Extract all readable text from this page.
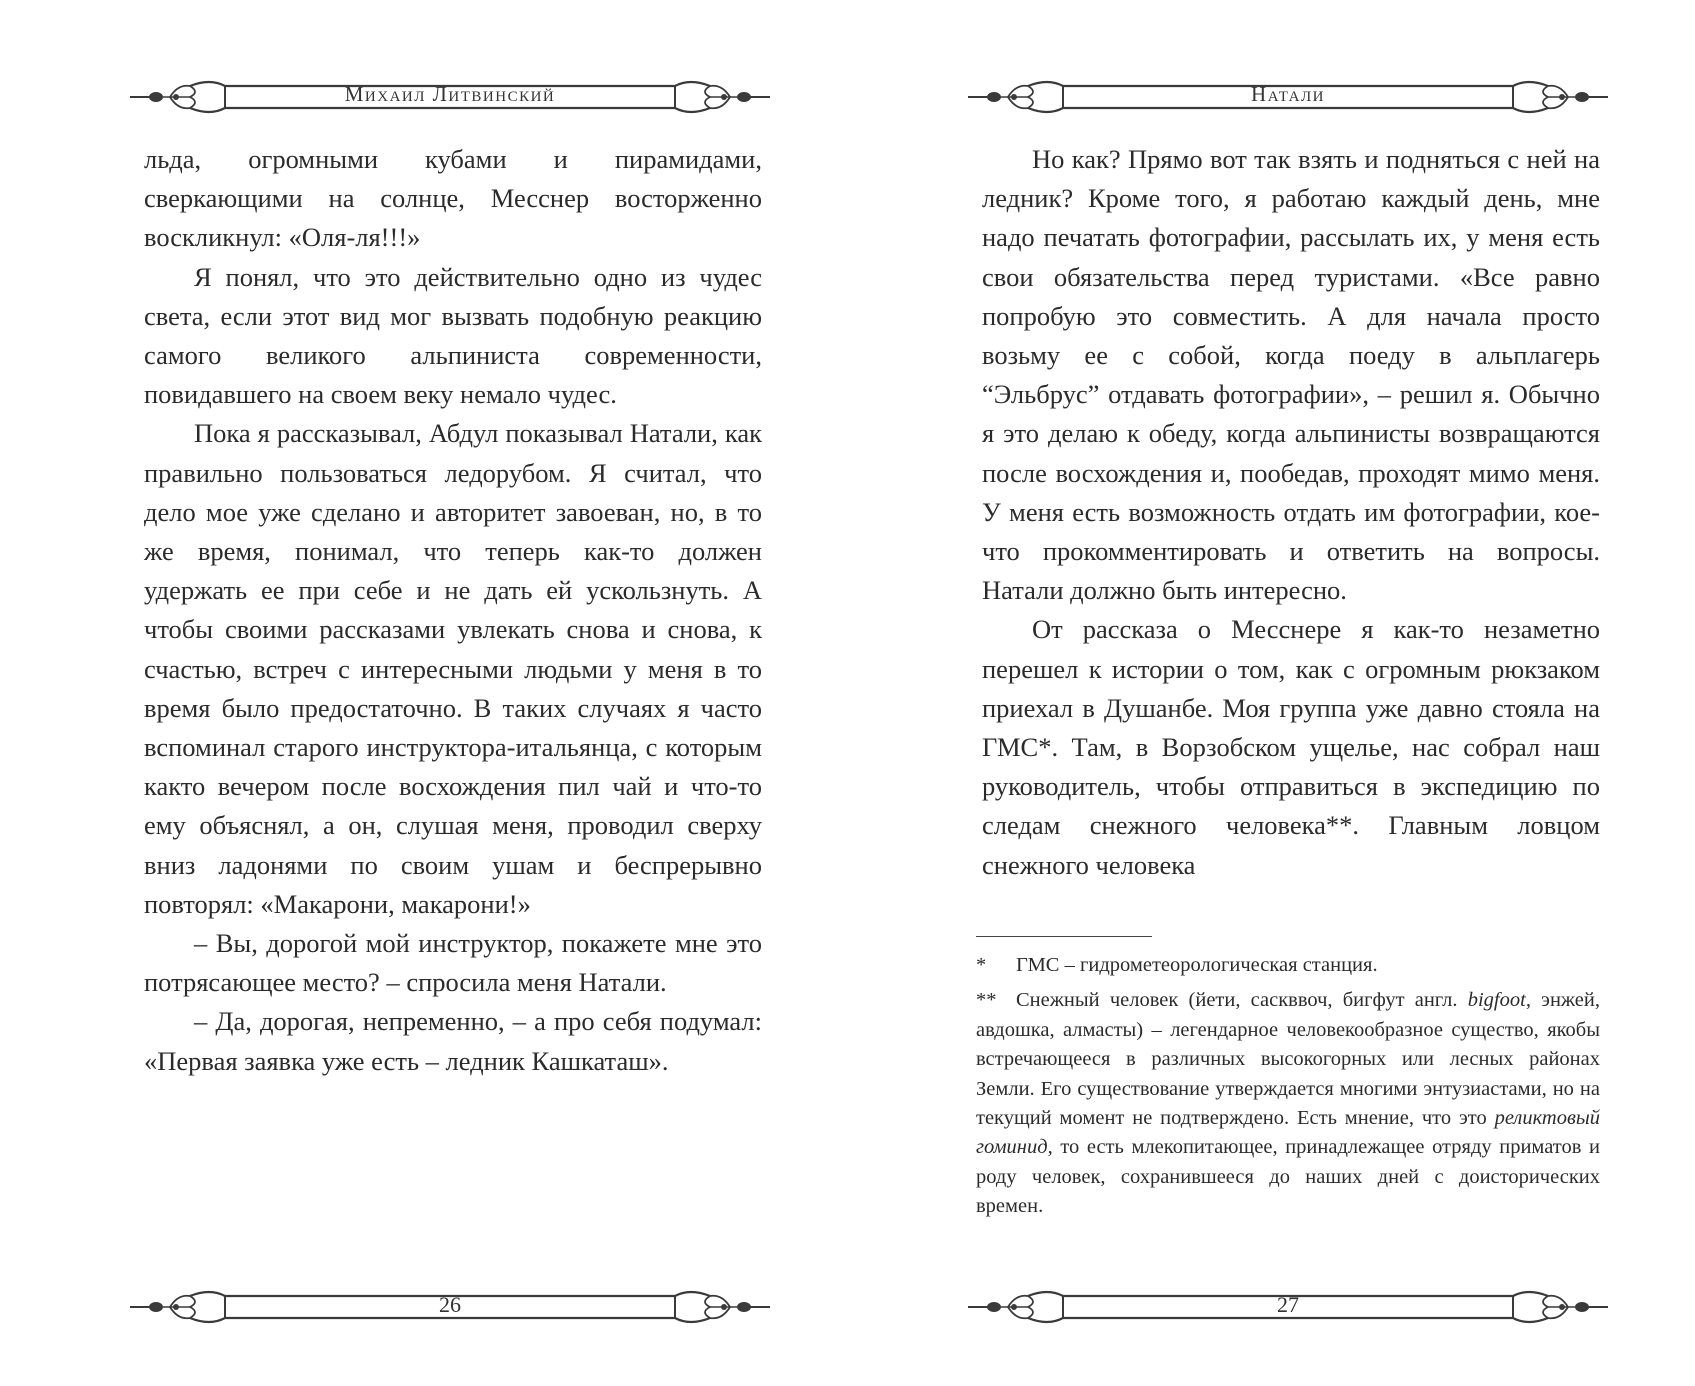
Михаил Литвинский

льда, огромными кубами и пирамидами, сверкающими на солнце, Месснер восторженно воскликнул: «Оля-ля!!!»

Я понял, что это действительно одно из чудес света, если этот вид мог вызвать подобную реакцию самого великого альпиниста современности, повидавшего на своем веку немало чудес.

Пока я рассказывал, Абдул показывал Натали, как правильно пользоваться ледорубом. Я считал, что дело мое уже сделано и авторитет завоеван, но, в то же время, понимал, что теперь как-то должен удержать ее при себе и не дать ей ускользнуть. А чтобы своими рассказами увлекать снова и снова, к счастью, встреч с интересными людьми у меня в то время было предостаточно. В таких случаях я часто вспоминал старого инструктора-итальянца, с которым както вечером после восхождения пил чай и что-то ему объяснял, а он, слушая меня, проводил сверху вниз ладонями по своим ушам и беспрерывно повторял: «Макарони, макарони!»

– Вы, дорогой мой инструктор, покажете мне это потрясающее место? – спросила меня Натали.

– Да, дорогая, непременно, – а про себя подумал: «Первая заявка уже есть – ледник Кашкаташ».

26
Натали

Но как? Прямо вот так взять и подняться с ней на ледник? Кроме того, я работаю каждый день, мне надо печатать фотографии, рассылать их, у меня есть свои обязательства перед туристами. «Все равно попробую это совместить. А для начала просто возьму ее с собой, когда поеду в альплагерь “Эльбрус” отдавать фотографии», – решил я. Обычно я это делаю к обеду, когда альпинисты возвращаются после восхождения и, пообедав, проходят мимо меня. У меня есть возможность отдать им фотографии, кое-что прокомментировать и ответить на вопросы. Натали должно быть интересно.

От рассказа о Месснере я как-то незаметно перешел к истории о том, как с огромным рюкзаком приехал в Душанбе. Моя группа уже давно стояла на ГМС*. Там, в Ворзобском ущелье, нас собрал наш руководитель, чтобы отправиться в экспедицию по следам снежного человека**. Главным ловцом снежного человека

* ГМС – гидрометеорологическая станция.

** Снежный человек (йети, саскввоч, бигфут англ. bigfoot, энжей, авдошка, алмасты) – легендарное человекообразное существо, якобы встречающееся в различных высокогорных или лесных районах Земли. Его существование утверждается многими энтузиастами, но на текущий момент не подтверждено. Есть мнение, что это реликтовый гоминид, то есть млекопитающее, принадлежащее отряду приматов и роду человек, сохранившееся до наших дней с доисторических времен.

27
